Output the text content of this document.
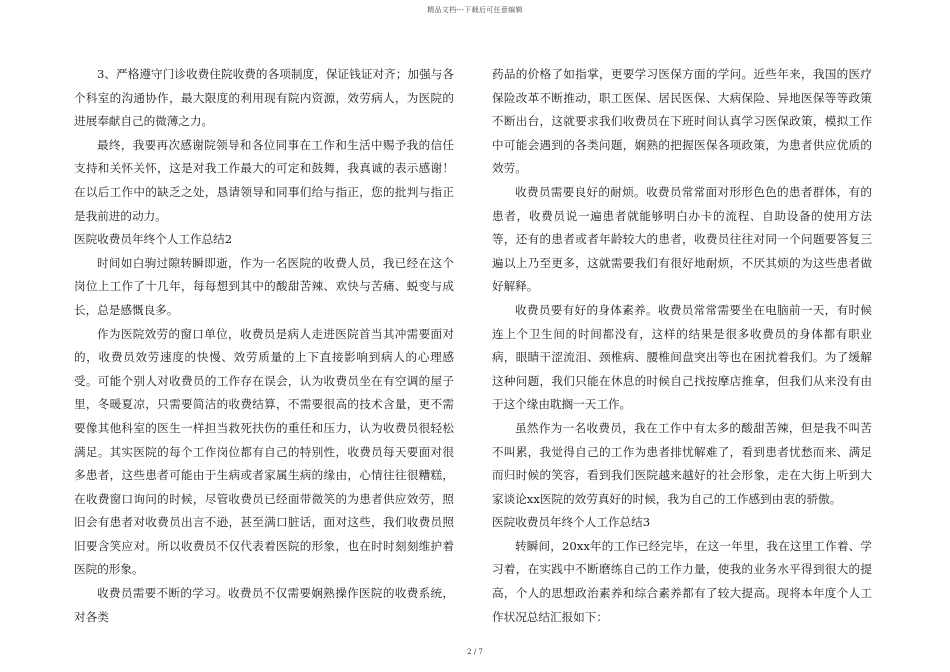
精品文档---下载后可任意编辑

3、严格遵守门诊收费住院收费的各项制度，保证钱证对齐；加强与各个科室的沟通协作，最大限度的利用现有院内资源，效劳病人，为医院的进展奉献自己的微薄之力。

最终，我要再次感谢院领导和各位同事在工作和生活中赐予我的信任支持和关怀关怀，这是对我工作最大的可定和鼓舞，我真诚的表示感谢！在以后工作中的缺乏之处，恳请领导和同事们给与指正，您的批判与指正是我前进的动力。

医院收费员年终个人工作总结2

时间如白驹过隙转瞬即逝，作为一名医院的收费人员，我已经在这个岗位上工作了十几年，每每想到其中的酸甜苦辣、欢快与苦痛、蜕变与成长，总是感慨良多。

作为医院效劳的窗口单位，收费员是病人走进医院首当其冲需要面对的，收费员效劳速度的快慢、效劳质量的上下直接影响到病人的心理感受。可能个别人对收费员的工作存在误会，认为收费员坐在有空调的屋子里，冬暖夏凉，只需要简洁的收费结算，不需要很高的技术含量，更不需要像其他科室的医生一样担当救死扶伤的重任和压力，认为收费员很轻松满足。其实医院的每个工作岗位都有自己的特别性，收费员每天要面对很多患者，这些患者可能由于生病或者家属生病的缘由，心情往往很糟糕，在收费窗口询问的时候，尽管收费员已经面带微笑的为患者供应效劳，照旧会有患者对收费员出言不逊，甚至满口脏话，面对这些，我们收费员照旧要含笑应对。所以收费员不仅代表着医院的形象，也在时时刻刻维护着医院的形象。

收费员需要不断的学习。收费员不仅需要娴熟操作医院的收费系统，对各类

药品的价格了如指掌，更要学习医保方面的学问。近些年来，我国的医疗保险改革不断推动，职工医保、居民医保、大病保险、异地医保等等政策不断出台，这就要求我们收费员在下班时间认真学习医保政策，模拟工作中可能会遇到的各类问题，娴熟的把握医保各项政策，为患者供应优质的效劳。

收费员需要良好的耐烦。收费员常常面对形形色色的患者群体，有的患者，收费员说一遍患者就能够明白办卡的流程、自助设备的使用方法等，还有的患者或者年龄较大的患者，收费员往往对同一个问题要答复三遍以上乃至更多，这就需要我们有很好地耐烦，不厌其烦的为这些患者做好解释。

收费员要有好的身体素养。收费员常常需要坐在电脑前一天，有时候连上个卫生间的时间都没有，这样的结果是很多收费员的身体都有职业病，眼睛干涩流泪、颈椎病、腰椎间盘突出等也在困扰着我们。为了缓解这种问题，我们只能在休息的时候自己找按摩店推拿，但我们从来没有由于这个缘由耽搁一天工作。

虽然作为一名收费员，我在工作中有太多的酸甜苦辣，但是我不叫苦不叫累，我觉得自己的工作为患者排忧解难了，看到患者忧愁而来、满足而归时候的笑容，看到我们医院越来越好的社会形象，走在大街上听到大家谈论xx医院的效劳真好的时候，我为自己的工作感到由衷的骄傲。

医院收费员年终个人工作总结3

转瞬间，20xx年的工作已经完毕，在这一年里，我在这里工作着、学习着，在实践中不断磨练自己的工作力量，使我的业务水平得到很大的提高，个人的思想政治素养和综合素养都有了较大提高。现将本年度个人工作状况总结汇报如下：

2 / 7
